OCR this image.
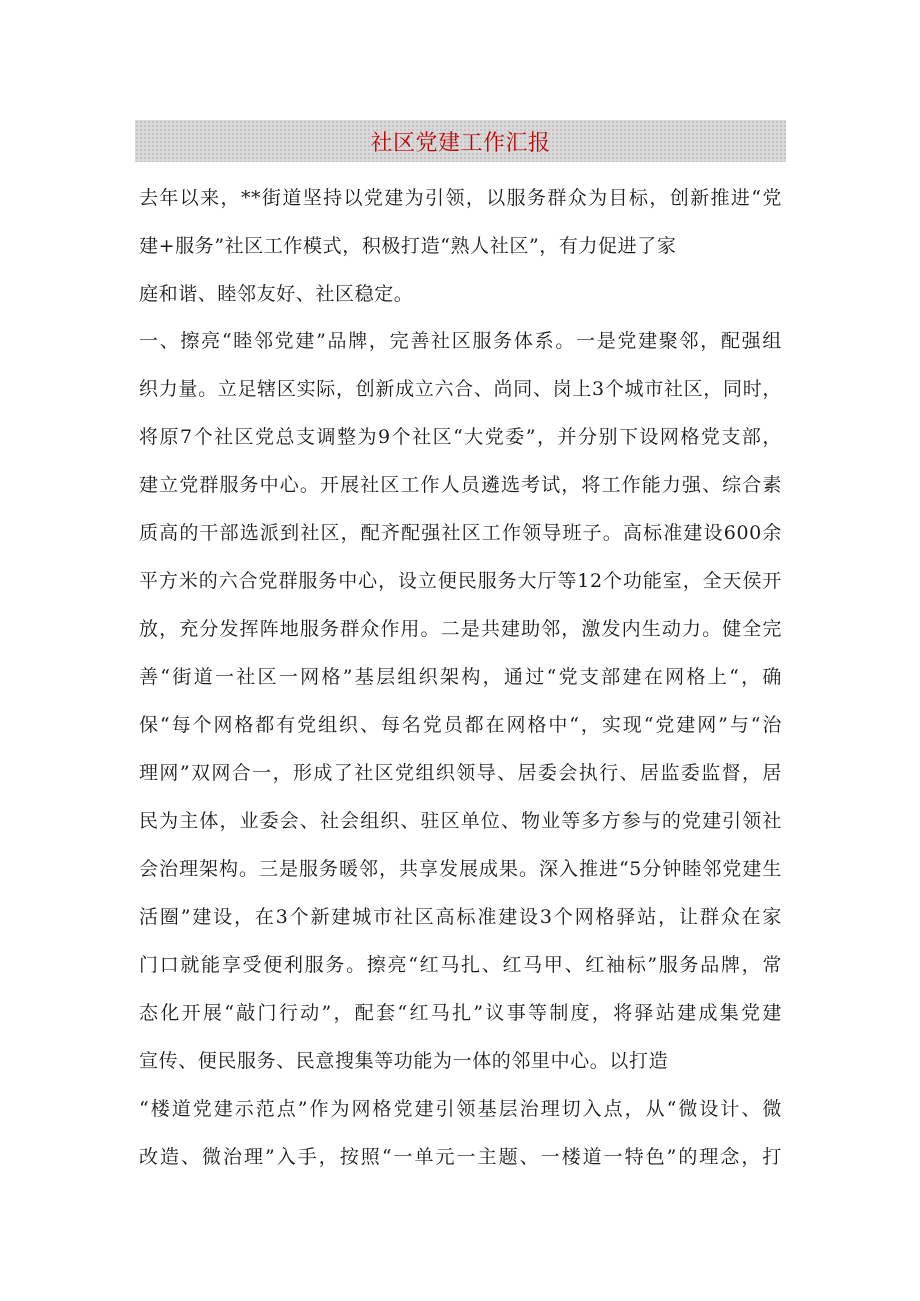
社区党建工作汇报
去年以来，**街道坚持以党建为引领，以服务群众为目标，创新推进“党
建+服务”社区工作模式，积极打造“熟人社区”，有力促进了家
庭和谐、睦邻友好、社区稳定。
一、擦亮“睦邻党建”品牌，完善社区服务体系。一是党建聚邻，配强组
织力量。立足辖区实际，创新成立六合、尚同、岗上3个城市社区，同时，
将原7个社区党总支调整为9个社区“大党委”，并分别下设网格党支部，
建立党群服务中心。开展社区工作人员遴选考试，将工作能力强、综合素
质高的干部选派到社区，配齐配强社区工作领导班子。高标准建设600余
平方米的六合党群服务中心，设立便民服务大厅等12个功能室，全天侯开
放，充分发挥阵地服务群众作用。二是共建助邻，激发内生动力。健全完
善“街道一社区一网格”基层组织架构，通过“党支部建在网格上“，确
保“每个网格都有党组织、每名党员都在网格中“，实现“党建网”与“治
理网”双网合一，形成了社区党组织领导、居委会执行、居监委监督，居
民为主体，业委会、社会组织、驻区单位、物业等多方参与的党建引领社
会治理架构。三是服务暖邻，共享发展成果。深入推进“5分钟睦邻党建生
活圈”建设，在3个新建城市社区高标准建设3个网格驿站，让群众在家
门口就能享受便利服务。擦亮“红马扎、红马甲、红袖标”服务品牌，常
态化开展“敲门行动”，配套“红马扎”议事等制度，将驿站建成集党建
宣传、便民服务、民意搜集等功能为一体的邻里中心。以打造
“楼道党建示范点”作为网格党建引领基层治理切入点，从“微设计、微
改造、微治理”入手，按照“一单元一主题、一楼道一特色”的理念，打
